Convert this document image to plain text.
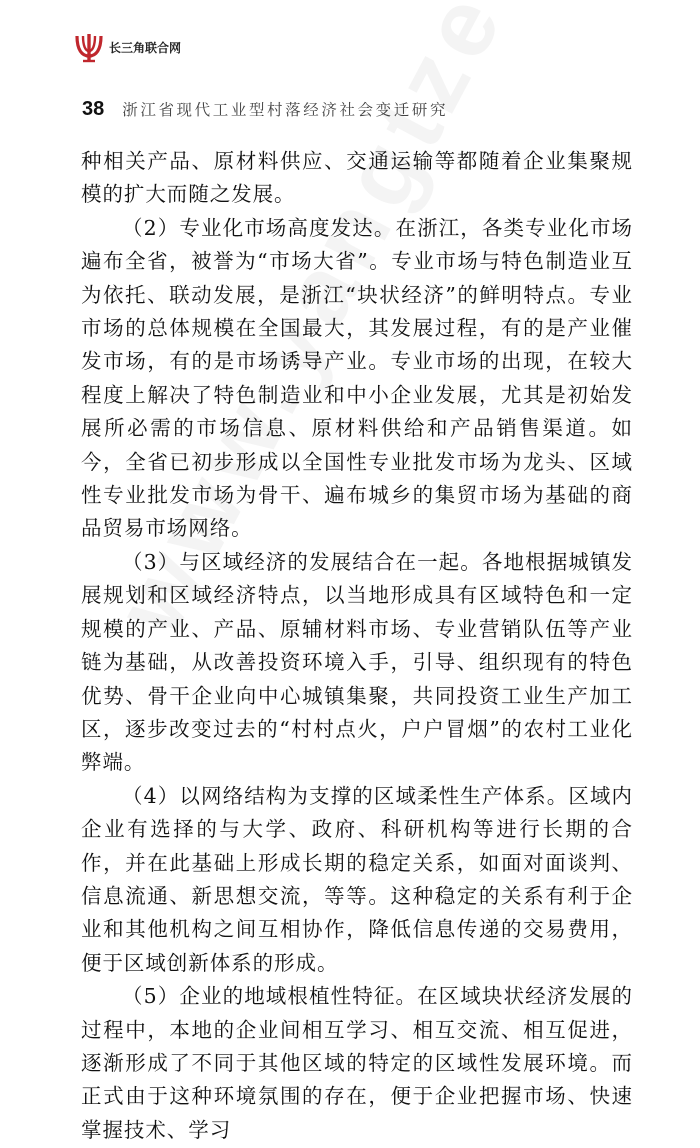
长三角联合网
38 浙江省现代工业型村落经济社会变迁研究

种相关产品、原材料供应、交通运输等都随着企业集聚规模的扩大而随之发展。

（2）专业化市场高度发达。在浙江，各类专业化市场遍布全省，被誉为“市场大省”。专业市场与特色制造业互为依托、联动发展，是浙江“块状经济”的鲜明特点。专业市场的总体规模在全国最大，其发展过程，有的是产业催发市场，有的是市场诱导产业。专业市场的出现，在较大程度上解决了特色制造业和中小企业发展，尤其是初始发展所必需的市场信息、原材料供给和产品销售渠道。如今，全省已初步形成以全国性专业批发市场为龙头、区域性专业批发市场为骨干、遍布城乡的集贸市场为基础的商品贸易市场网络。

（3）与区域经济的发展结合在一起。各地根据城镇发展规划和区域经济特点，以当地形成具有区域特色和一定规模的产业、产品、原辅材料市场、专业营销队伍等产业链为基础，从改善投资环境入手，引导、组织现有的特色优势、骨干企业向中心城镇集聚，共同投资工业生产加工区，逐步改变过去的“村村点火，户户冒烟”的农村工业化弊端。

（4）以网络结构为支撑的区域柔性生产体系。区域内企业有选择的与大学、政府、科研机构等进行长期的合作，并在此基础上形成长期的稳定关系，如面对面谈判、信息流通、新思想交流，等等。这种稳定的关系有利于企业和其他机构之间互相协作，降低信息传递的交易费用，便于区域创新体系的形成。

（5）企业的地域根植性特征。在区域块状经济发展的过程中，本地的企业间相互学习、相互交流、相互促进，逐渐形成了不同于其他区域的特定的区域性发展环境。而正式由于这种环境氛围的存在，便于企业把握市场、快速掌握技术、学习
